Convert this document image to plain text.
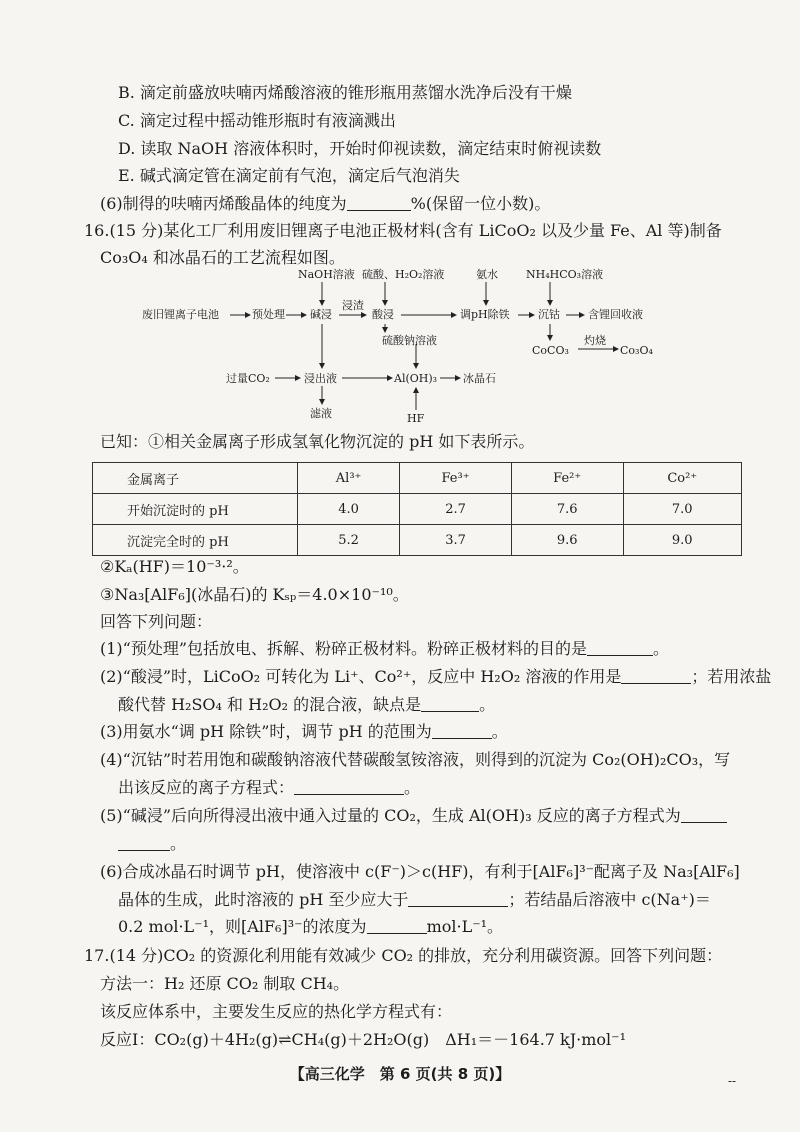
B. 滴定前盛放呋喃丙烯酸溶液的锥形瓶用蒸馏水洗净后没有干燥
C. 滴定过程中摇动锥形瓶时有液滴溅出
D. 读取 NaOH 溶液体积时，开始时仰视读数，滴定结束时俯视读数
E. 碱式滴定管在滴定前有气泡，滴定后气泡消失
(6)制得的呋喃丙烯酸晶体的纯度为	%(保留一位小数)。
16.(15 分)某化工厂利用废旧锂离子电池正极材料(含有 LiCoO₂ 以及少量 Fe、Al 等)制备
Co₃O₄ 和冰晶石的工艺流程如图。
NaOH溶液 硫酸、H₂O₂溶液	氨水	NH₄HCO₃溶液
废旧锂离子电池	预处理 碱浸
浸渣
酸浸	调pH除铁	沉钴	含锂回收液
硫酸钠溶液
CoCO₃
灼烧
Co₃O₄
过量CO₂	浸出液	Al(OH)₃ 冰晶石
滤液	HF
已知：①相关金属离子形成氢氧化物沉淀的 pH 如下表所示。
金属离子	Al³⁺	Fe³⁺	Fe²⁺	Co²⁺
开始沉淀时的 pH	4.0	2.7	7.6	7.0
沉淀完全时的 pH	5.2	3.7	9.6	9.0
②Kₐ(HF)＝10⁻³·²。
③Na₃[AlF₆](冰晶石)的 Kₛₚ＝4.0×10⁻¹⁰。
回答下列问题：
(1)“预处理”包括放电、拆解、粉碎正极材料。粉碎正极材料的目的是	。
(2)“酸浸”时，LiCoO₂ 可转化为 Li⁺、Co²⁺，反应中 H₂O₂ 溶液的作用是	；若用浓盐
酸代替 H₂SO₄ 和 H₂O₂ 的混合液，缺点是	。
(3)用氨水“调 pH 除铁”时，调节 pH 的范围为	。
(4)“沉钴”时若用饱和碳酸钠溶液代替碳酸氢铵溶液，则得到的沉淀为 Co₂(OH)₂CO₃，写
出该反应的离子方程式：	。
(5)“碱浸”后向所得浸出液中通入过量的 CO₂，生成 Al(OH)₃ 反应的离子方程式为
。
(6)合成冰晶石时调节 pH，使溶液中 c(F⁻)＞c(HF)，有利于[AlF₆]³⁻配离子及 Na₃[AlF₆]
晶体的生成，此时溶液的 pH 至少应大于	；若结晶后溶液中 c(Na⁺)＝
0.2 mol·L⁻¹，则[AlF₆]³⁻的浓度为	mol·L⁻¹。
17.(14 分)CO₂ 的资源化利用能有效减少 CO₂ 的排放，充分利用碳资源。回答下列问题：
方法一：H₂ 还原 CO₂ 制取 CH₄。
该反应体系中，主要发生反应的热化学方程式有：
反应Ⅰ：CO₂(g)＋4H₂(g)⇌CH₄(g)＋2H₂O(g)　ΔH₁＝－164.7 kJ·mol⁻¹
【高三化学　第 6 页(共 8 页)】	--
